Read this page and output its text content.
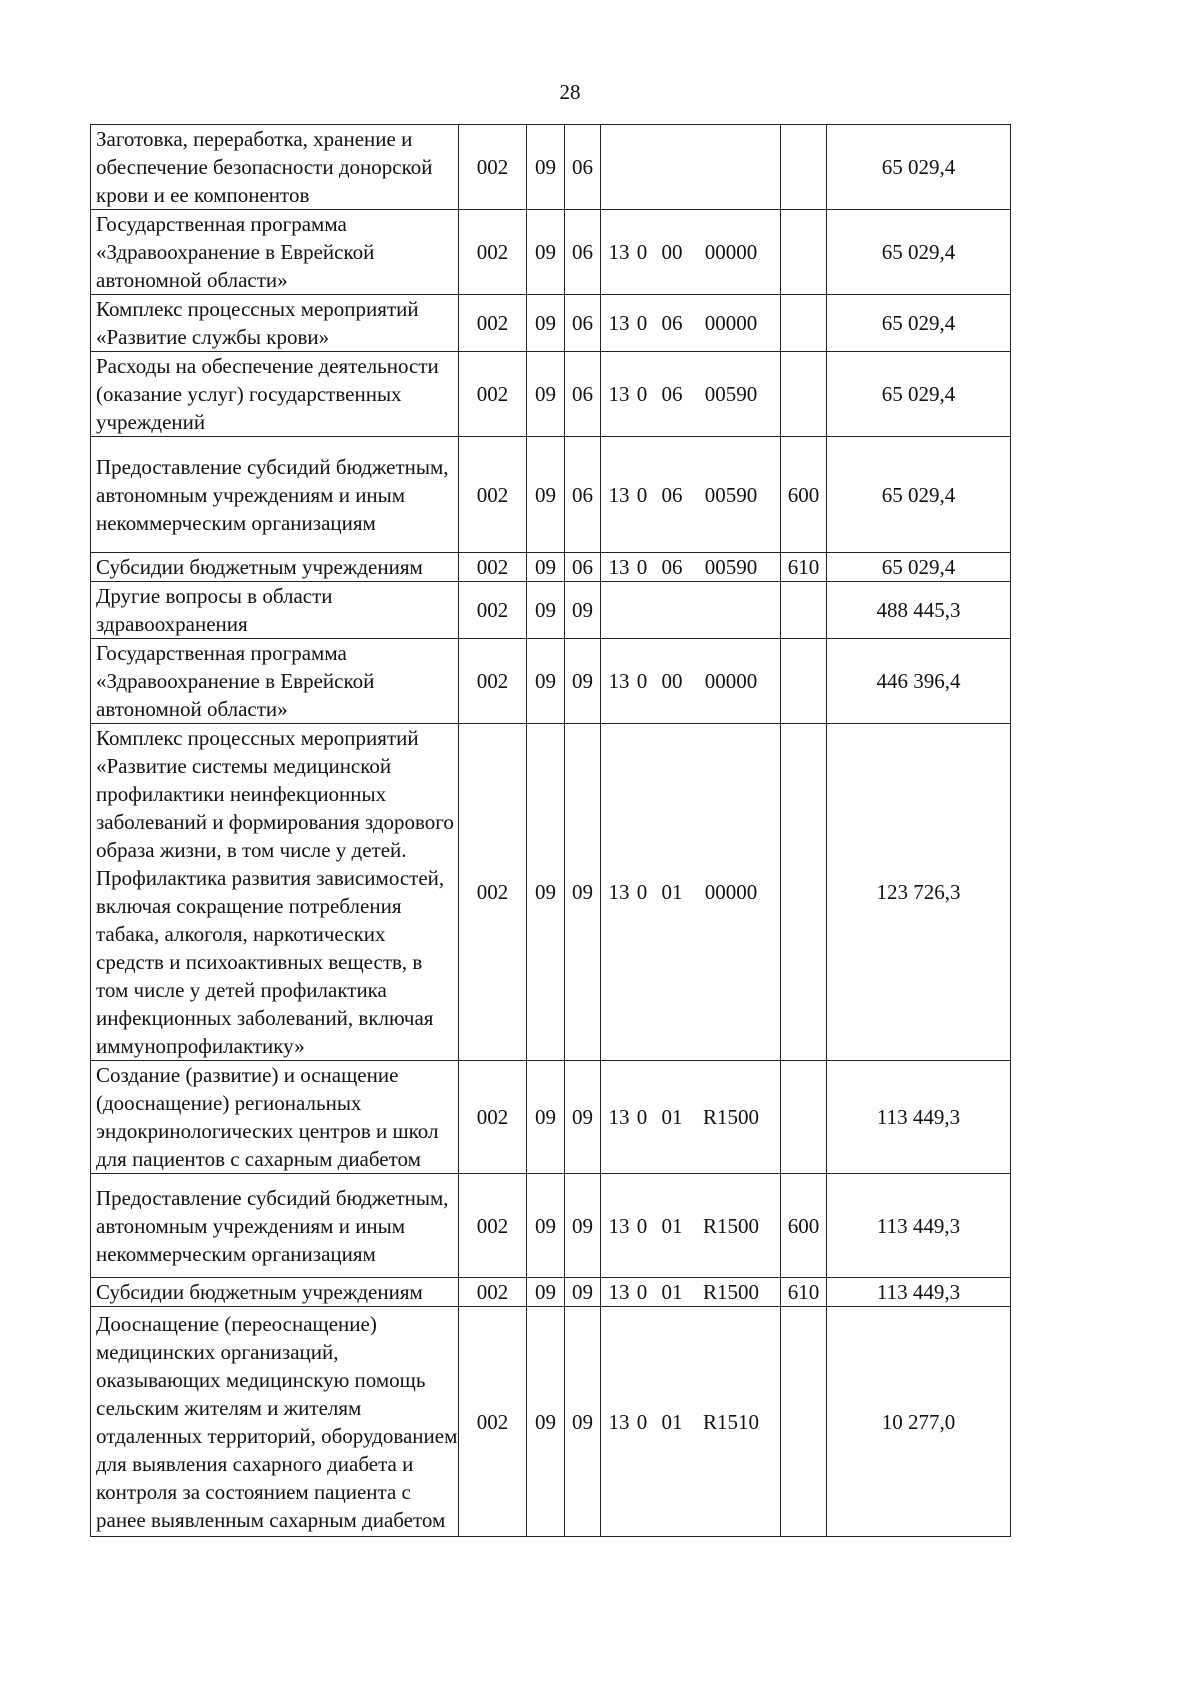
28
Заготовка, переработка, хранение и обеспечение безопасности донорской крови и ее компонентов	002	09	06			65 029,4
Государственная программа «Здравоохранение в Еврейской автономной области»	002	09	06	13 0 00 00000		65 029,4
Комплекс процессных мероприятий «Развитие службы крови»	002	09	06	13 0 06 00000		65 029,4
Расходы на обеспечение деятельности (оказание услуг) государственных учреждений	002	09	06	13 0 06 00590		65 029,4
Предоставление субсидий бюджетным, автономным учреждениям и иным некоммерческим организациям	002	09	06	13 0 06 00590	600	65 029,4
Субсидии бюджетным учреждениям	002	09	06	13 0 06 00590	610	65 029,4
Другие вопросы в области здравоохранения	002	09	09			488 445,3
Государственная программа «Здравоохранение в Еврейской автономной области»	002	09	09	13 0 00 00000		446 396,4
Комплекс процессных мероприятий «Развитие системы медицинской профилактики неинфекционных заболеваний и формирования здорового образа жизни, в том числе у детей. Профилактика развития зависимостей, включая сокращение потребления табака, алкоголя, наркотических средств и психоактивных веществ, в том числе у детей профилактика инфекционных заболеваний, включая иммунопрофилактику»	002	09	09	13 0 01 00000		123 726,3
Создание (развитие) и оснащение (дооснащение) региональных эндокринологических центров и школ для пациентов с сахарным диабетом	002	09	09	13 0 01 R1500		113 449,3
Предоставление субсидий бюджетным, автономным учреждениям и иным некоммерческим организациям	002	09	09	13 0 01 R1500	600	113 449,3
Субсидии бюджетным учреждениям	002	09	09	13 0 01 R1500	610	113 449,3
Дооснащение (переоснащение) медицинских организаций, оказывающих медицинскую помощь сельским жителям и жителям отдаленных территорий, оборудованием для выявления сахарного диабета и контроля за состоянием пациента с ранее выявленным сахарным диабетом	002	09	09	13 0 01 R1510		10 277,0
